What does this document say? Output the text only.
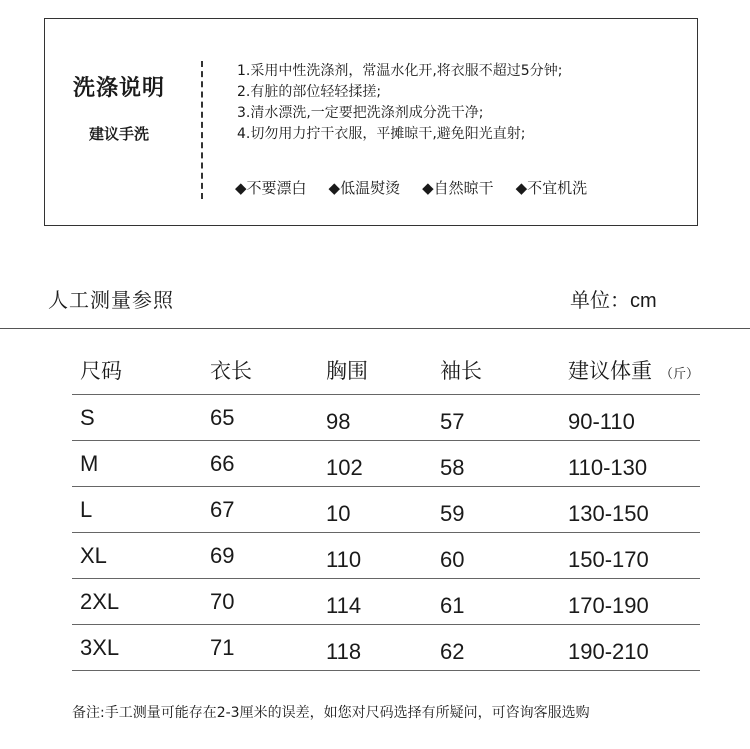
洗涤说明
建议手洗
1.采用中性洗涤剂，常温水化开,将衣服不超过5分钟;
2.有脏的部位轻轻揉搓;
3.清水漂洗,一定要把洗涤剂成分洗干净;
4.切勿用力拧干衣服，平摊晾干,避免阳光直射;
◆不要漂白 ◆低温熨烫 ◆自然晾干 ◆不宜机洗
人工测量参照	单位：cm
尺码	衣长	胸围	袖长	建议体重 （斤）
S	65	98	57	90-110
M	66	102	58	110-130
L	67	10	59	130-150
XL	69	110	60	150-170
2XL	70	114	61	170-190
3XL	71	118	62	190-210
备注:手工测量可能存在2-3厘米的误差，如您对尺码选择有所疑问，可咨询客服选购
